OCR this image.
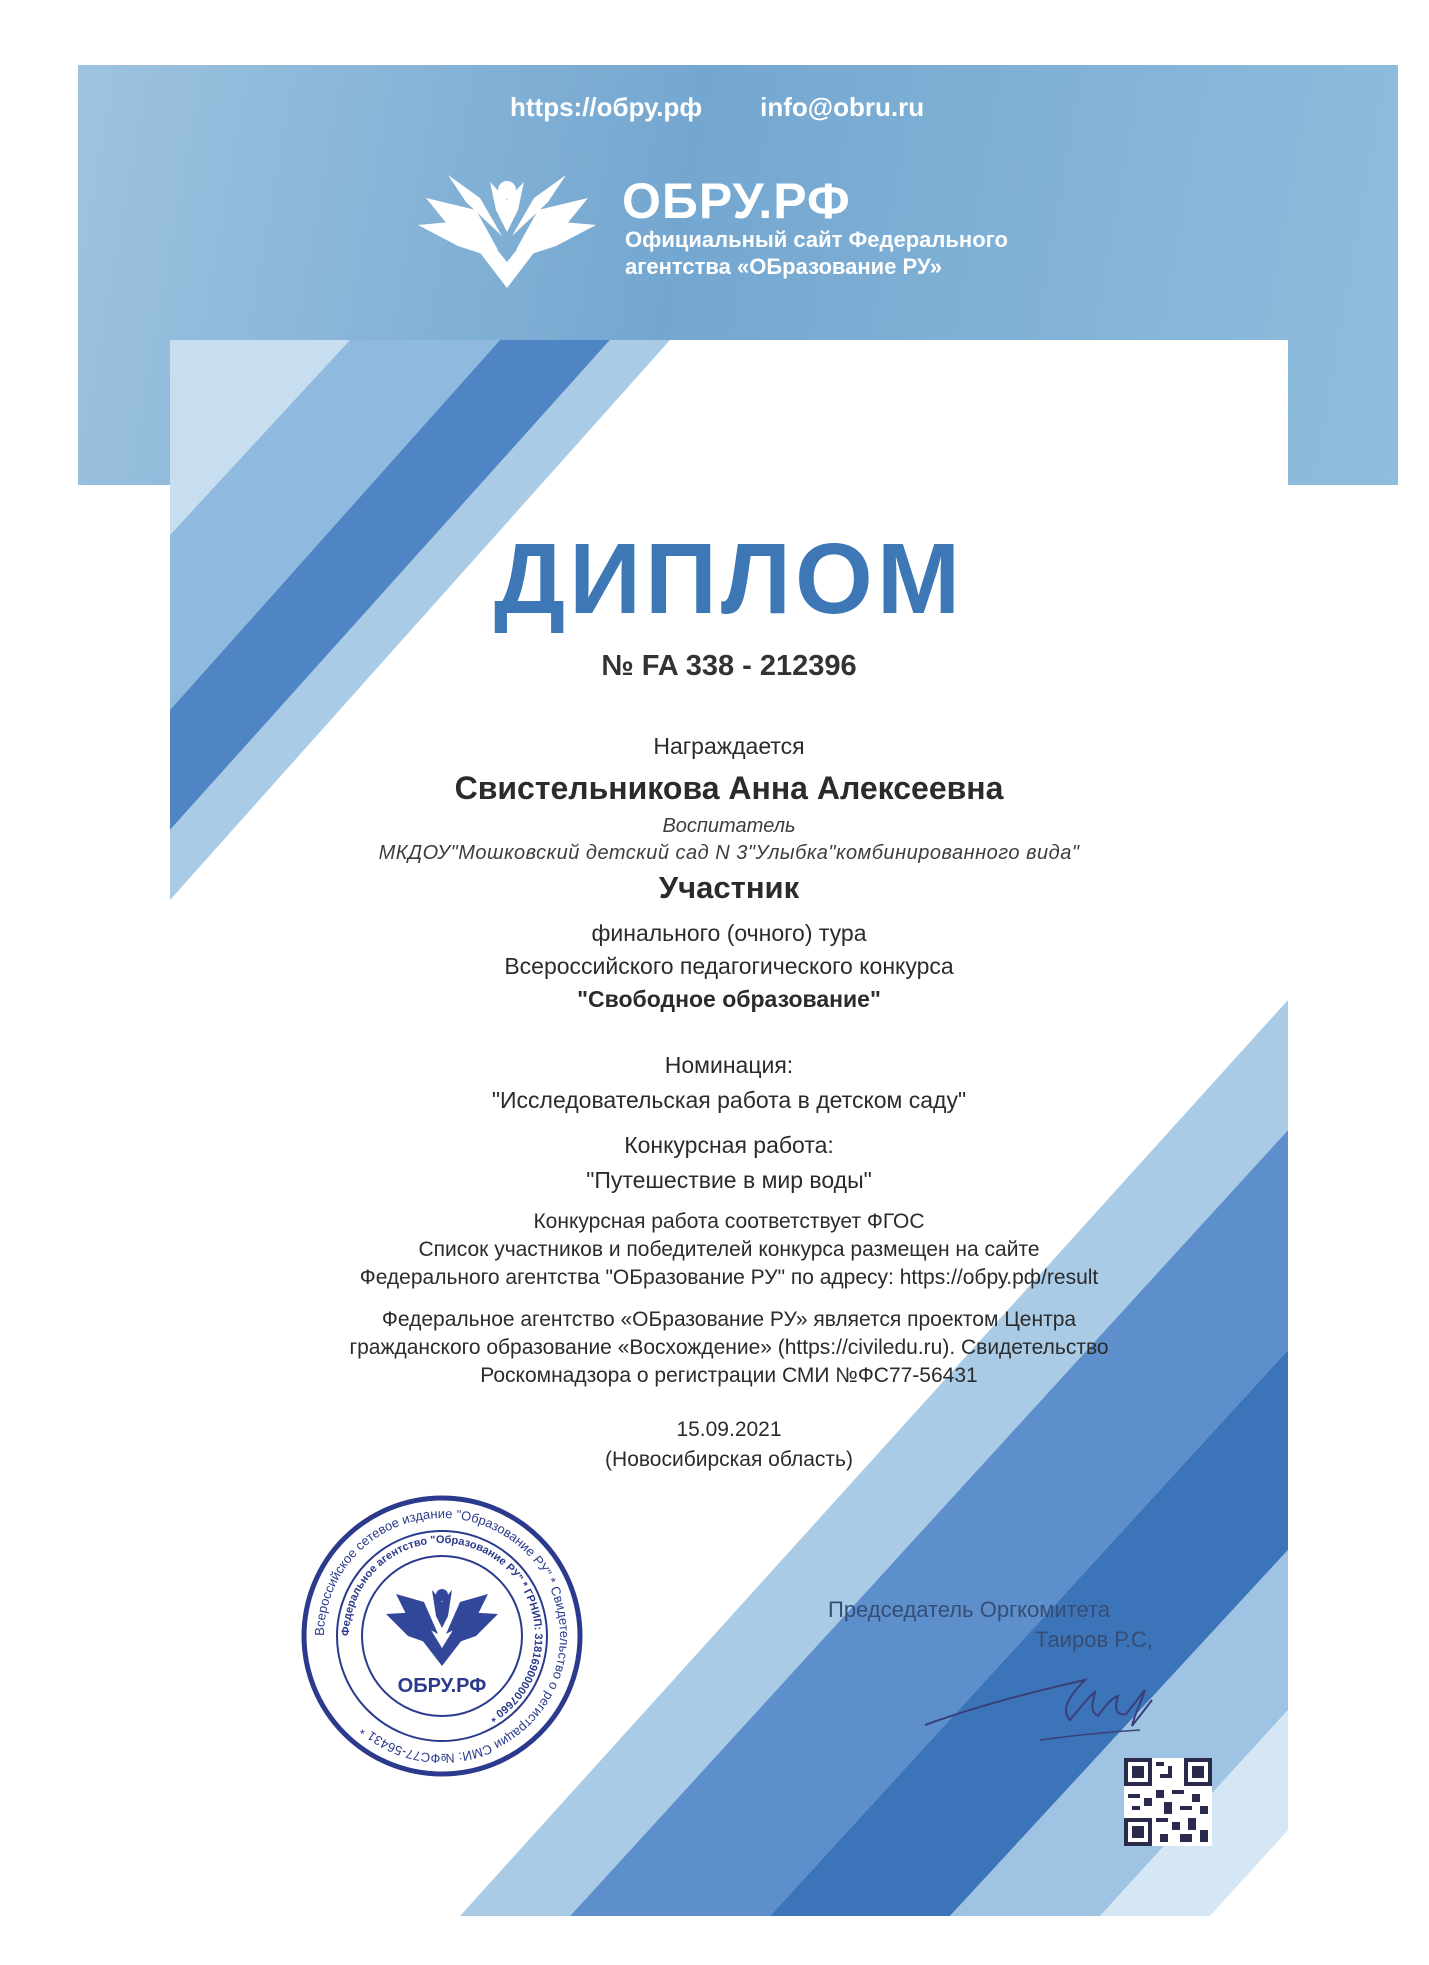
https://обру.рф info@obru.ru
ОБРУ.РФ
Официальный сайт Федерального
агентства «ОБразование РУ»
ДИПЛОМ
№ FA 338 - 212396
Награждается
Свистельникова Анна Алексеевна
Воспитатель
МКДОУ"Мошковский детский сад N 3"Улыбка"комбинированного вида"
Участник
финального (очного) тура
Всероссийского педагогического конкурса
"Свободное образование"
Номинация:
"Исследовательская работа в детском саду"
Конкурсная работа:
"Путешествие в мир воды"
Конкурсная работа соответствует ФГОС
Список участников и победителей конкурса размещен на сайте
Федерального агентства "ОБразование РУ" по адресу: https://обру.рф/result
Федеральное агентство «ОБразование РУ» является проектом Центра
гражданского образование «Восхождение» (https://civiledu.ru). Свидетельство
Роскомнадзора о регистрации СМИ №ФС77-56431
15.09.2021
(Новосибирская область)
Всероссийское сетевое издание "Образование РУ" * Свидетельство о регистрации СМИ: №ФС77-56431 *
Федеральное агентство "Образование РУ" * ГРНИП: 318169000007660 *
ОБРУ.РФ
Председатель Оргкомитета
Таиров Р.С,
